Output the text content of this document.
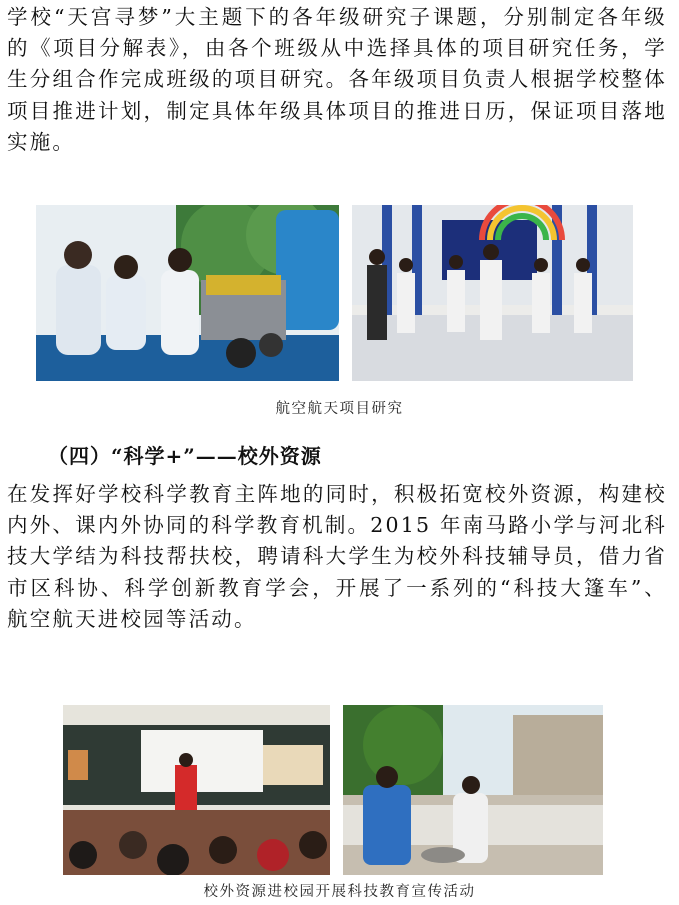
学校“天宫寻梦”大主题下的各年级研究子课题，分别制定各年级的《项目分解表》，由各个班级从中选择具体的项目研究任务，学生分组合作完成班级的项目研究。各年级项目负责人根据学校整体项目推进计划，制定具体年级具体项目的推进日历，保证项目落地实施。

航空航天项目研究

（四）“科学+”——校外资源

在发挥好学校科学教育主阵地的同时，积极拓宽校外资源，构建校内外、课内外协同的科学教育机制。2015 年南马路小学与河北科技大学结为科技帮扶校，聘请科大学生为校外科技辅导员，借力省市区科协、科学创新教育学会，开展了一系列的“科技大篷车”、航空航天进校园等活动。

校外资源进校园开展科技教育宣传活动
